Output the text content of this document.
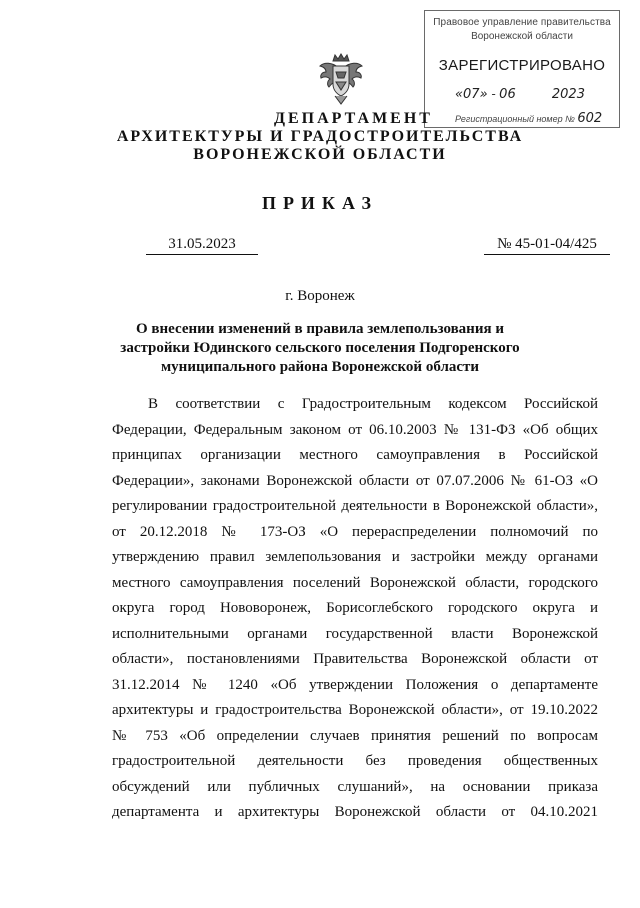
Правовое управление правительства
Воронежской области
ЗАРЕГИСТРИРОВАНО
«07» - 06	2023
Регистрационный номер № 602
ДЕПАРТАМЕНТ
АРХИТЕКТУРЫ И ГРАДОСТРОИТЕЛЬСТВА
ВОРОНЕЖСКОЙ ОБЛАСТИ
ПРИКАЗ
31.05.2023	№ 45-01-04/425
г. Воронеж
О внесении изменений в правила землепользования и застройки Юдинского сельского поселения Подгоренского муниципального района Воронежской области
В соответствии с Градостроительным кодексом Российской
Федерации, Федеральным законом от 06.10.2003 № 131-ФЗ «Об общих
принципах организации местного самоуправления в Российской
Федерации», законами Воронежской области от 07.07.2006 № 61-ОЗ «О
регулировании градостроительной деятельности в Воронежской области»,
от 20.12.2018 № 173-ОЗ «О перераспределении полномочий по
утверждению правил землепользования и застройки между органами
местного самоуправления поселений Воронежской области, городского
округа город Нововоронеж, Борисоглебского городского округа и
исполнительными органами государственной власти Воронежской
области», постановлениями Правительства Воронежской области от
31.12.2014 № 1240 «Об утверждении Положения о департаменте
архитектуры и градостроительства Воронежской области», от 19.10.2022
№ 753 «Об определении случаев принятия решений по вопросам
градостроительной деятельности без проведения общественных
обсуждений или публичных слушаний», на основании приказа
департамента и архитектуры Воронежской области от 04.10.2021
